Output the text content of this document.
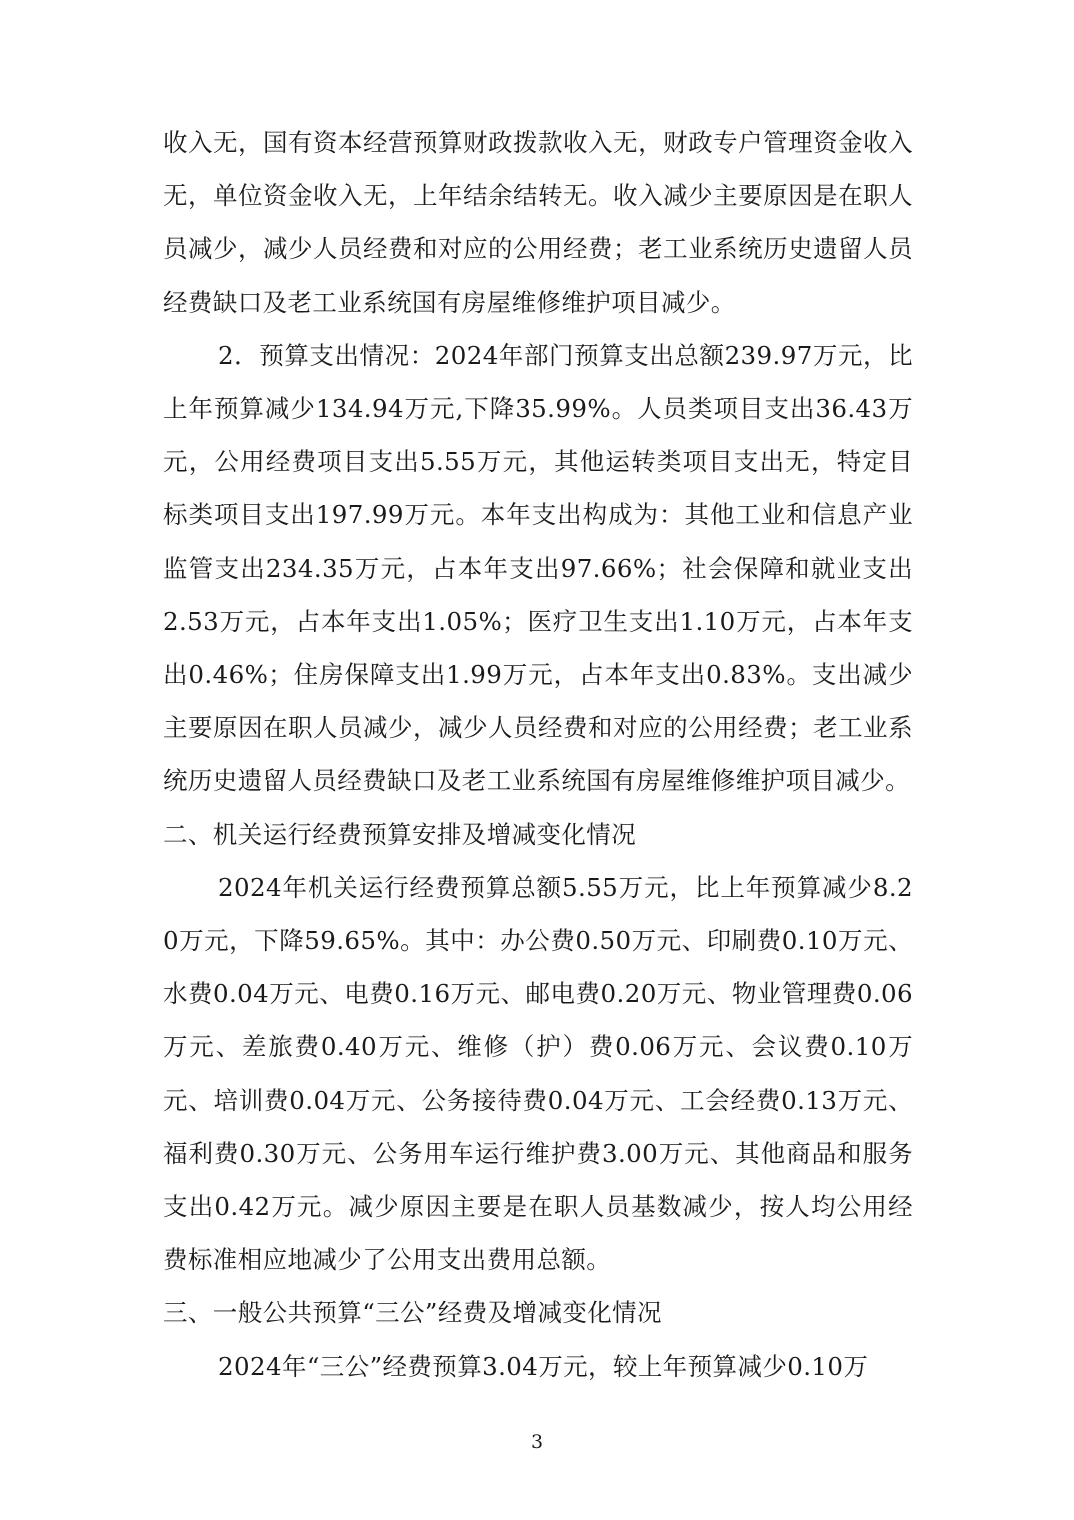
收入无，国有资本经营预算财政拨款收入无，财政专户管理资金收入无，单位资金收入无，上年结余结转无。收入减少主要原因是在职人员减少，减少人员经费和对应的公用经费；老工业系统历史遗留人员经费缺口及老工业系统国有房屋维修维护项目减少。

2．预算支出情况：2024年部门预算支出总额239.97万元，比上年预算减少134.94万元,下降35.99%。人员类项目支出36.43万元，公用经费项目支出5.55万元，其他运转类项目支出无，特定目标类项目支出197.99万元。本年支出构成为：其他工业和信息产业监管支出234.35万元，占本年支出97.66%；社会保障和就业支出2.53万元，占本年支出1.05%；医疗卫生支出1.10万元，占本年支出0.46%；住房保障支出1.99万元，占本年支出0.83%。支出减少主要原因在职人员减少，减少人员经费和对应的公用经费；老工业系统历史遗留人员经费缺口及老工业系统国有房屋维修维护项目减少。

二、机关运行经费预算安排及增减变化情况

2024年机关运行经费预算总额5.55万元，比上年预算减少8.20万元，下降59.65%。其中：办公费0.50万元、印刷费0.10万元、水费0.04万元、电费0.16万元、邮电费0.20万元、物业管理费0.06万元、差旅费0.40万元、维修（护）费0.06万元、会议费0.10万元、培训费0.04万元、公务接待费0.04万元、工会经费0.13万元、福利费0.30万元、公务用车运行维护费3.00万元、其他商品和服务支出0.42万元。减少原因主要是在职人员基数减少，按人均公用经费标准相应地减少了公用支出费用总额。

三、一般公共预算“三公”经费及增减变化情况

2024年“三公”经费预算3.04万元，较上年预算减少0.10万

3
